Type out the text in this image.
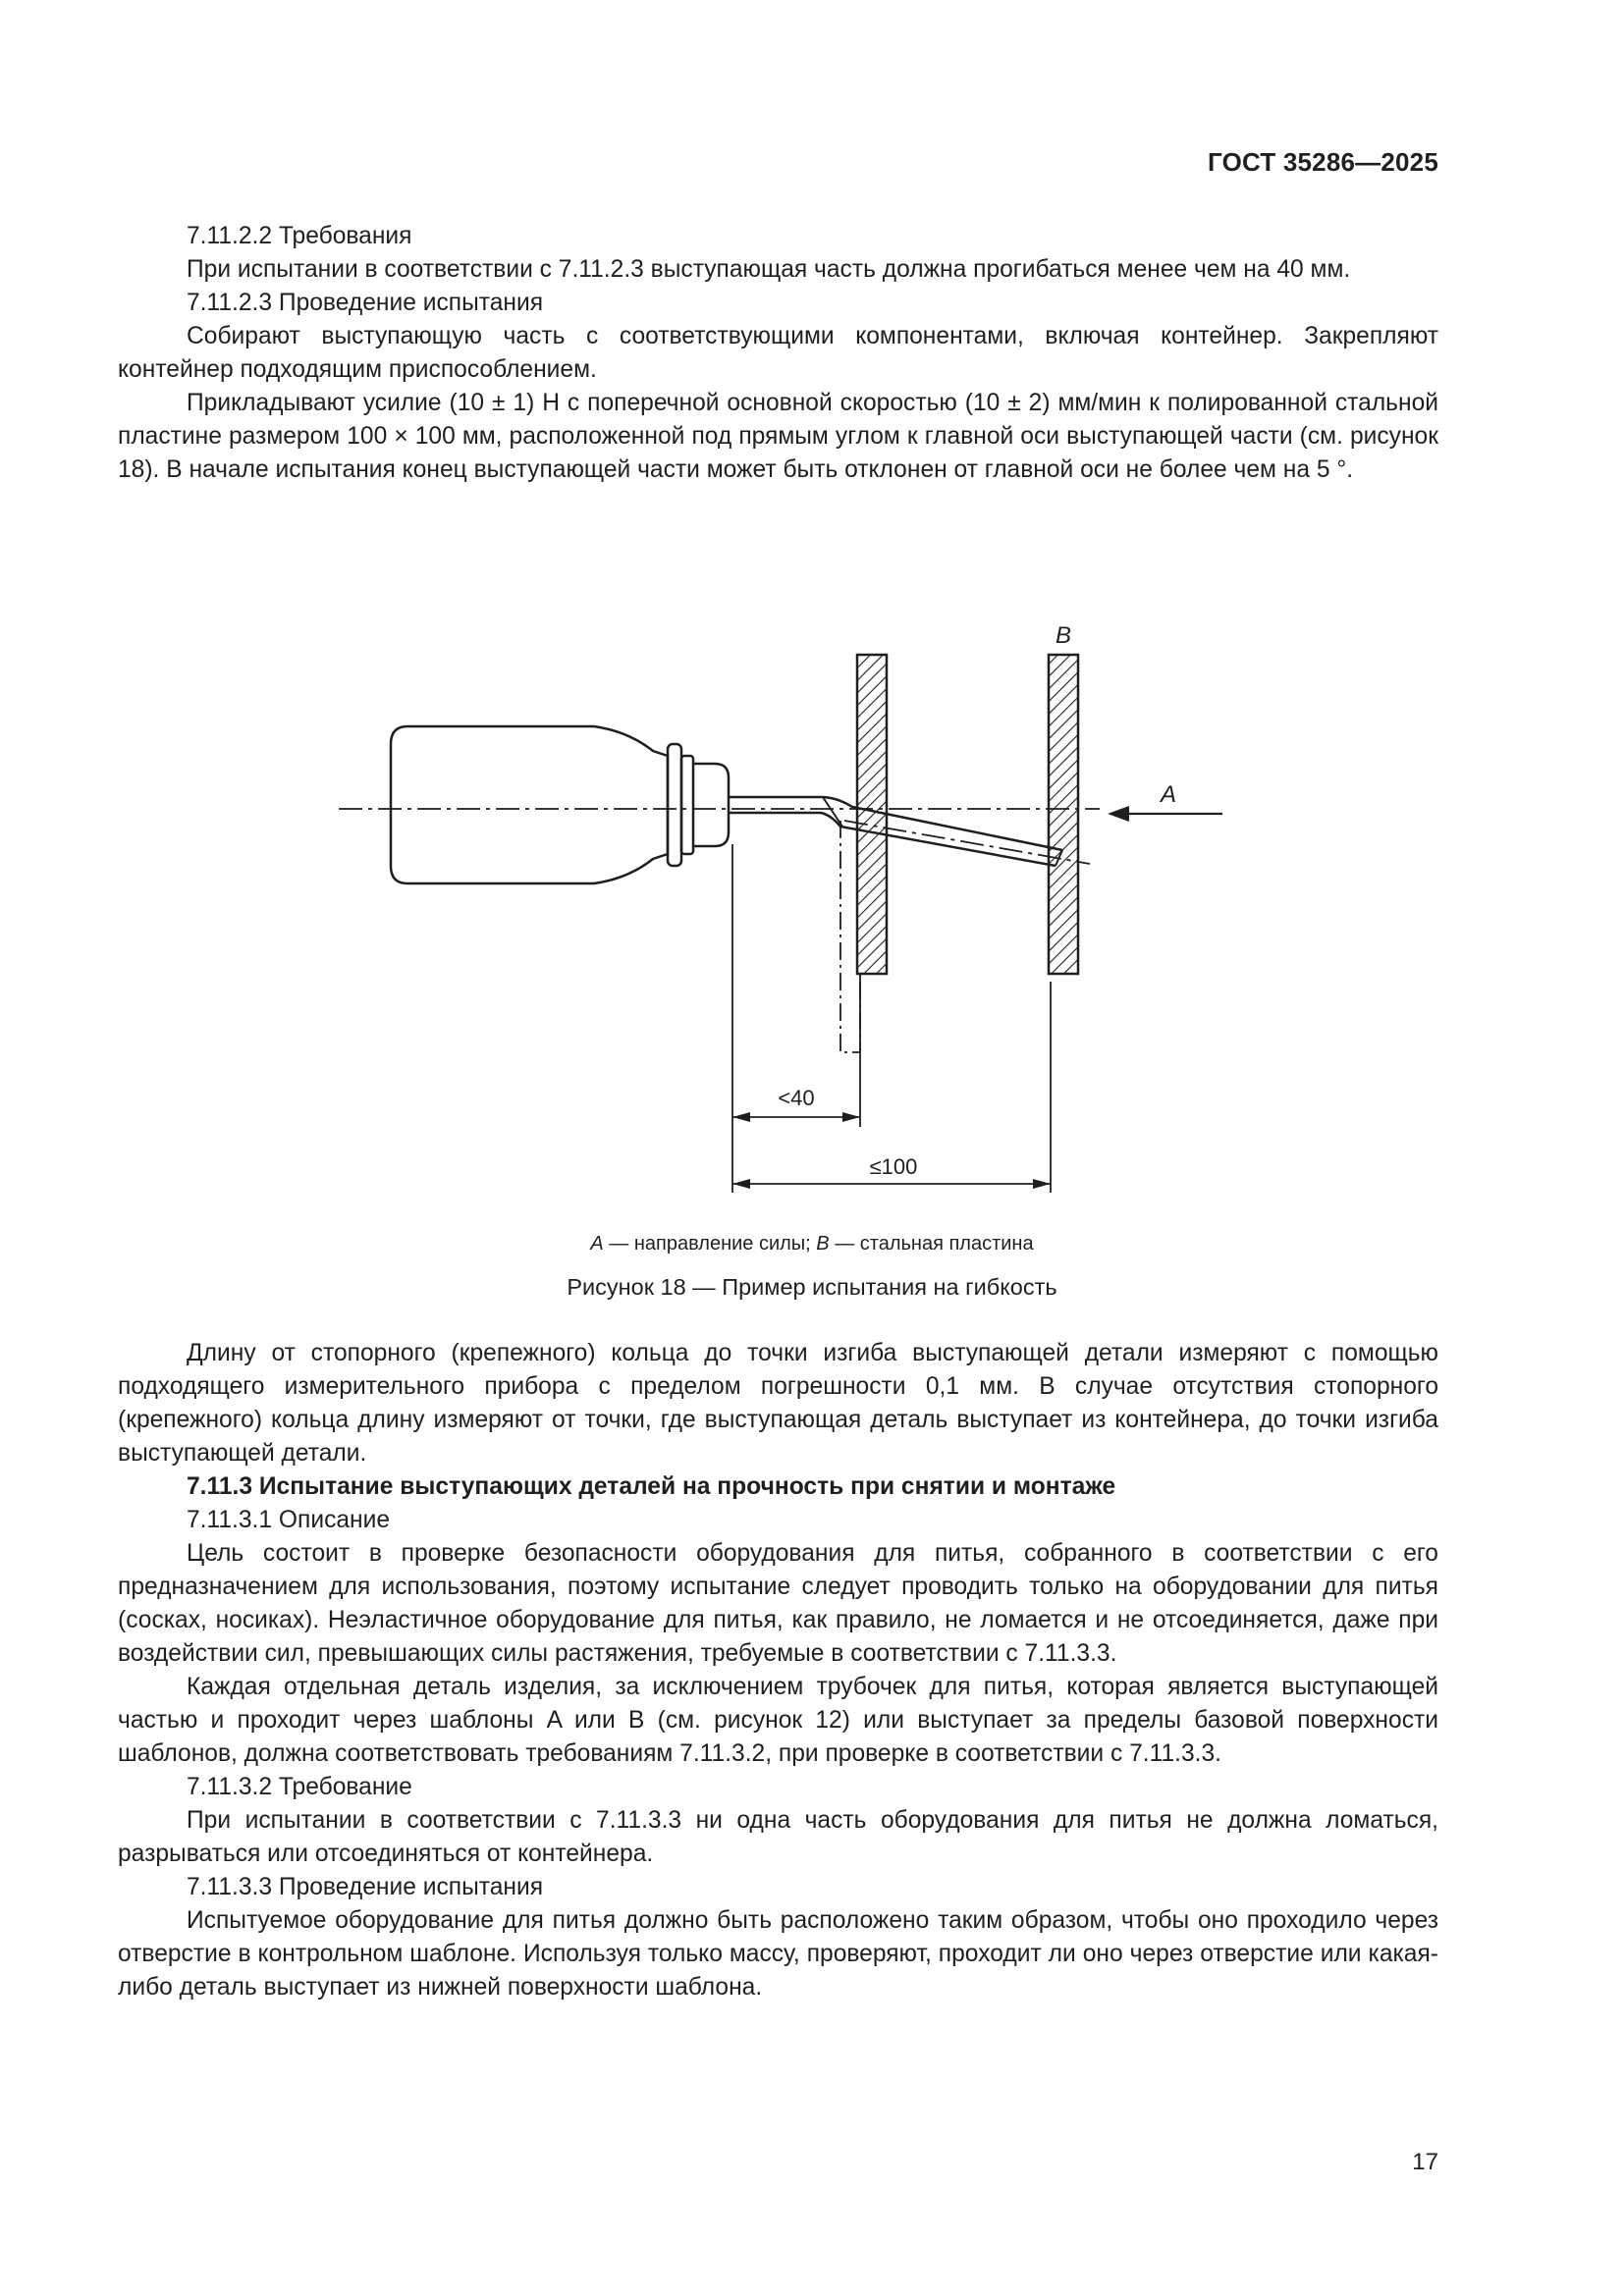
ГОСТ 35286—2025

7.11.2.2 Требования

При испытании в соответствии с 7.11.2.3 выступающая часть должна прогибаться менее чем на 40 мм.

7.11.2.3 Проведение испытания

Собирают выступающую часть с соответствующими компонентами, включая контейнер. Закрепляют контейнер подходящим приспособлением.

Прикладывают усилие (10 ± 1) Н с поперечной основной скоростью (10 ± 2) мм/мин к полированной стальной пластине размером 100 × 100 мм, расположенной под прямым углом к главной оси выступающей части (см. рисунок 18). В начале испытания конец выступающей части может быть отклонен от главной оси не более чем на 5 °.

B
A
<40
≤100
A — направление силы; B — стальная пластина
Рисунок 18 — Пример испытания на гибкость

Длину от стопорного (крепежного) кольца до точки изгиба выступающей детали измеряют с помощью подходящего измерительного прибора с пределом погрешности 0,1 мм. В случае отсутствия стопорного (крепежного) кольца длину измеряют от точки, где выступающая деталь выступает из контейнера, до точки изгиба выступающей детали.

7.11.3 Испытание выступающих деталей на прочность при снятии и монтаже

7.11.3.1 Описание

Цель состоит в проверке безопасности оборудования для питья, собранного в соответствии с его предназначением для использования, поэтому испытание следует проводить только на оборудовании для питья (сосках, носиках). Неэластичное оборудование для питья, как правило, не ломается и не отсоединяется, даже при воздействии сил, превышающих силы растяжения, требуемые в соответствии с 7.11.3.3.

Каждая отдельная деталь изделия, за исключением трубочек для питья, которая является выступающей частью и проходит через шаблоны A или B (см. рисунок 12) или выступает за пределы базовой поверхности шаблонов, должна соответствовать требованиям 7.11.3.2, при проверке в соответствии с 7.11.3.3.

7.11.3.2 Требование

При испытании в соответствии с 7.11.3.3 ни одна часть оборудования для питья не должна ломаться, разрываться или отсоединяться от контейнера.

7.11.3.3 Проведение испытания

Испытуемое оборудование для питья должно быть расположено таким образом, чтобы оно проходило через отверстие в контрольном шаблоне. Используя только массу, проверяют, проходит ли оно через отверстие или какая-либо деталь выступает из нижней поверхности шаблона.

17
